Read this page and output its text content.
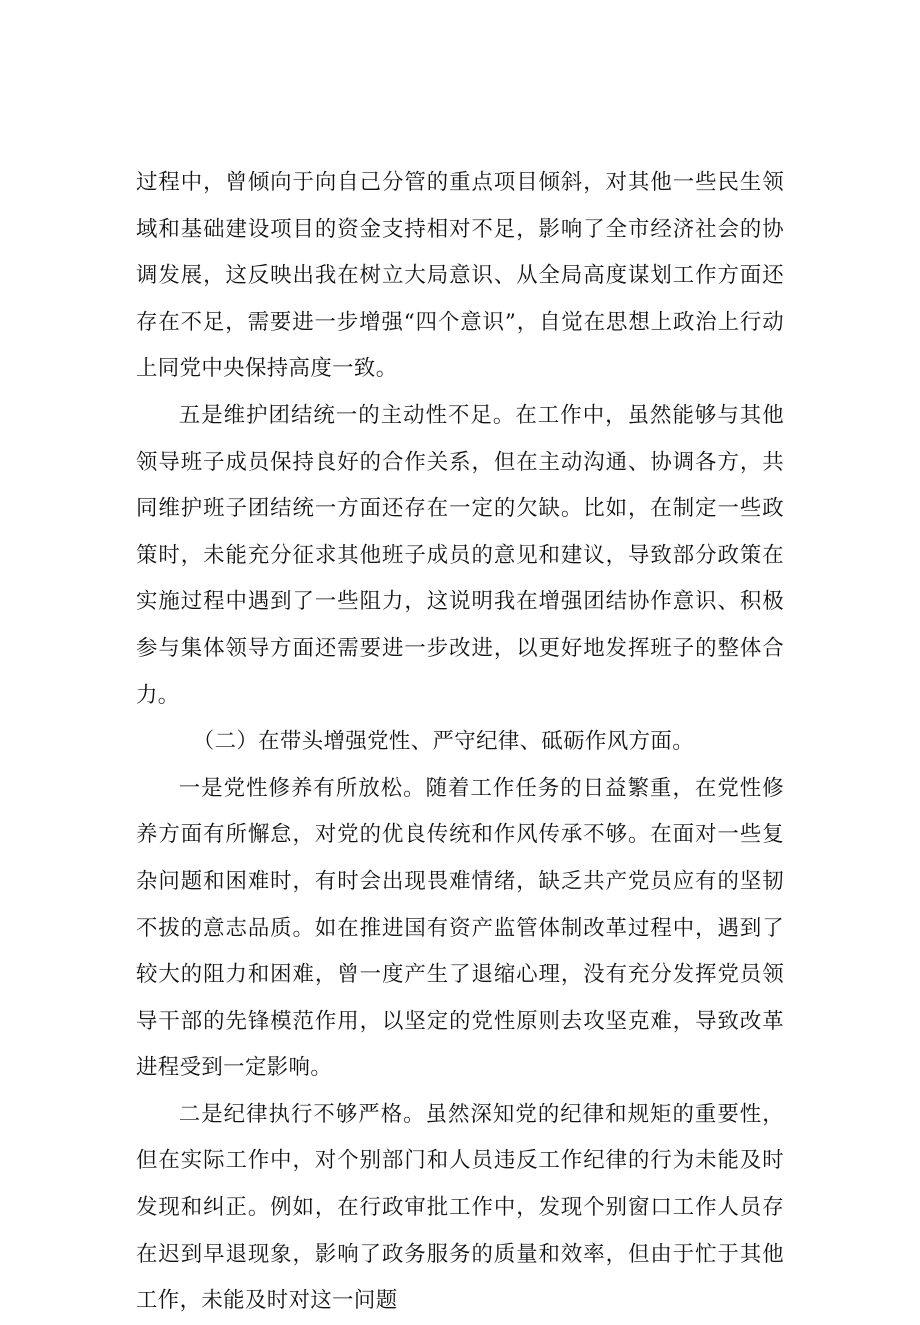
过程中，曾倾向于向自己分管的重点项目倾斜，对其他一些民生领域和基础建设项目的资金支持相对不足，影响了全市经济社会的协调发展，这反映出我在树立大局意识、从全局高度谋划工作方面还存在不足，需要进一步增强“四个意识”，自觉在思想上政治上行动上同党中央保持高度一致。

五是维护团结统一的主动性不足。在工作中，虽然能够与其他领导班子成员保持良好的合作关系，但在主动沟通、协调各方，共同维护班子团结统一方面还存在一定的欠缺。比如，在制定一些政策时，未能充分征求其他班子成员的意见和建议，导致部分政策在实施过程中遇到了一些阻力，这说明我在增强团结协作意识、积极参与集体领导方面还需要进一步改进，以更好地发挥班子的整体合力。

（二）在带头增强党性、严守纪律、砥砺作风方面。

一是党性修养有所放松。随着工作任务的日益繁重，在党性修养方面有所懈怠，对党的优良传统和作风传承不够。在面对一些复杂问题和困难时，有时会出现畏难情绪，缺乏共产党员应有的坚韧不拔的意志品质。如在推进国有资产监管体制改革过程中，遇到了较大的阻力和困难，曾一度产生了退缩心理，没有充分发挥党员领导干部的先锋模范作用，以坚定的党性原则去攻坚克难，导致改革进程受到一定影响。

二是纪律执行不够严格。虽然深知党的纪律和规矩的重要性，但在实际工作中，对个别部门和人员违反工作纪律的行为未能及时发现和纠正。例如，在行政审批工作中，发现个别窗口工作人员存在迟到早退现象，影响了政务服务的质量和效率，但由于忙于其他工作，未能及时对这一问题
